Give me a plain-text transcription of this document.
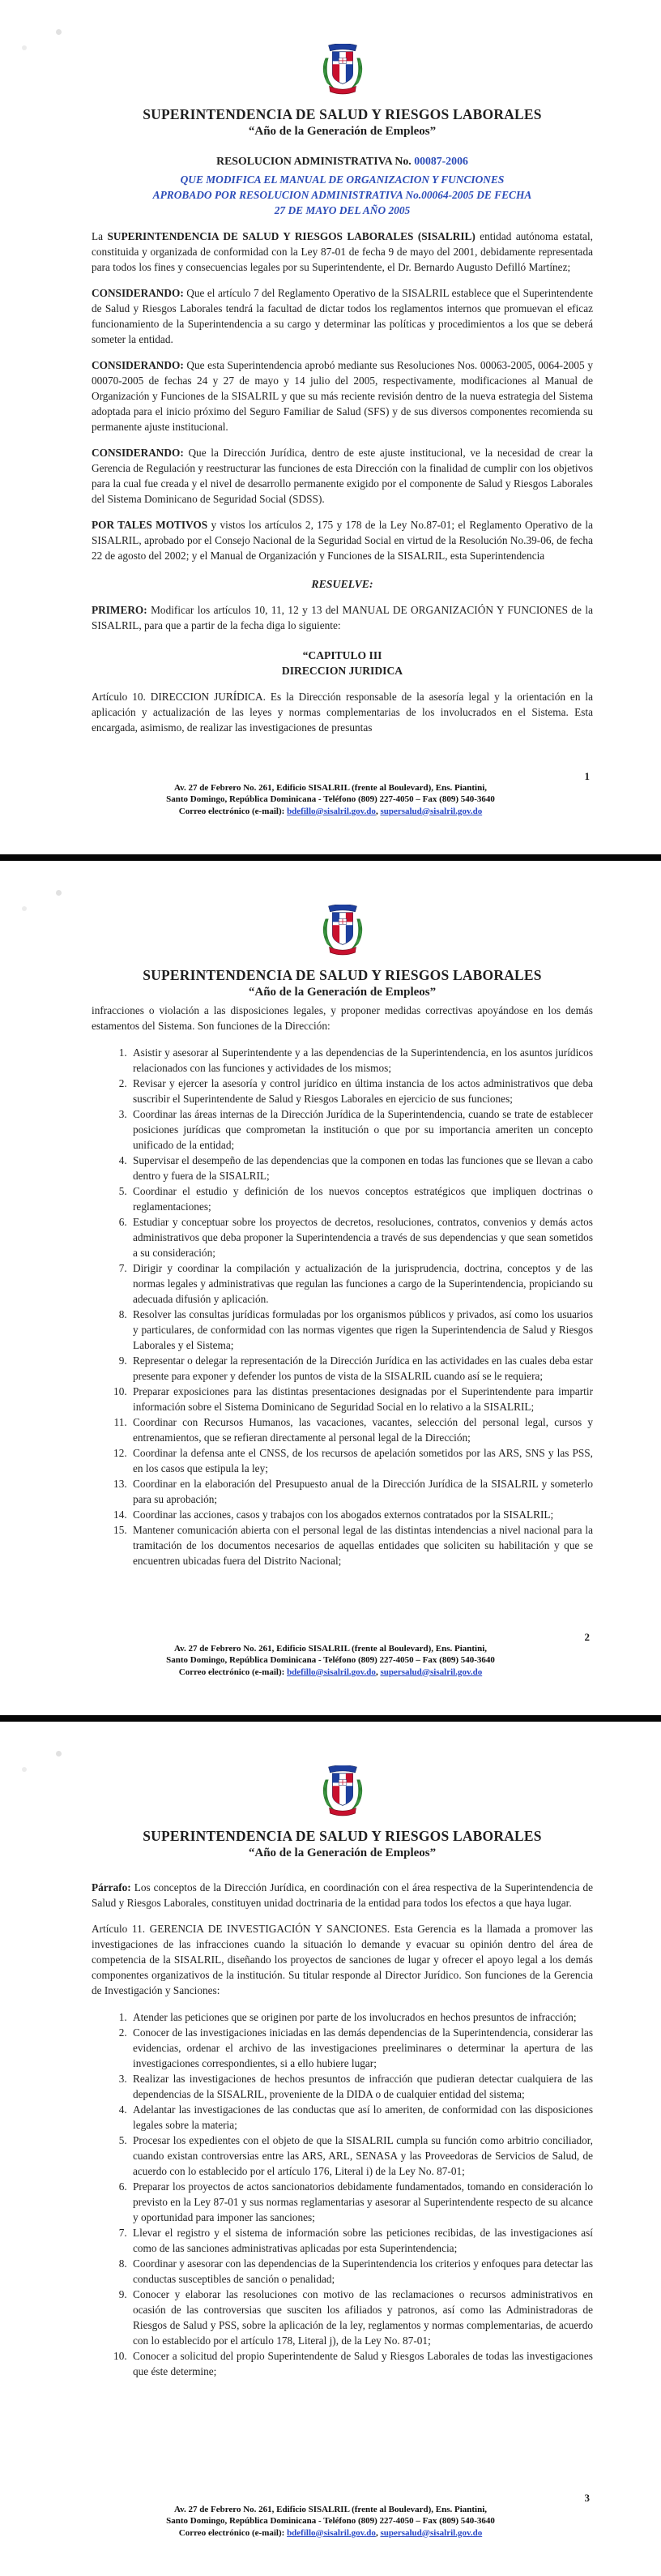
SUPERINTENDENCIA DE SALUD Y RIESGOS LABORALES
“Año de la Generación de Empleos”

RESOLUCION ADMINISTRATIVA No. 00087-2006

QUE MODIFICA EL MANUAL DE ORGANIZACION Y FUNCIONES
APROBADO POR RESOLUCION ADMINISTRATIVA No.00064-2005 DE FECHA
27 DE MAYO DEL AÑO 2005

La SUPERINTENDENCIA DE SALUD Y RIESGOS LABORALES (SISALRIL) entidad autónoma estatal, constituida y organizada de conformidad con la Ley 87-01 de fecha 9 de mayo del 2001, debidamente representada para todos los fines y consecuencias legales por su Superintendente, el Dr. Bernardo Augusto Defilló Martínez;

CONSIDERANDO: Que el artículo 7 del Reglamento Operativo de la SISALRIL establece que el Superintendente de Salud y Riesgos Laborales tendrá la facultad de dictar todos los reglamentos internos que promuevan el eficaz funcionamiento de la Superintendencia a su cargo y determinar las políticas y procedimientos a los que se deberá someter la entidad.

CONSIDERANDO: Que esta Superintendencia aprobó mediante sus Resoluciones Nos. 00063-2005, 0064-2005 y 00070-2005 de fechas 24 y 27 de mayo y 14 julio del 2005, respectivamente, modificaciones al Manual de Organización y Funciones de la SISALRIL y que su más reciente revisión dentro de la nueva estrategia del Sistema adoptada para el inicio próximo del Seguro Familiar de Salud (SFS) y de sus diversos componentes recomienda su permanente ajuste institucional.

CONSIDERANDO: Que la Dirección Jurídica, dentro de este ajuste institucional, ve la necesidad de crear la Gerencia de Regulación y reestructurar las funciones de esta Dirección con la finalidad de cumplir con los objetivos para la cual fue creada y el nivel de desarrollo permanente exigido por el componente de Salud y Riesgos Laborales del Sistema Dominicano de Seguridad Social (SDSS).

POR TALES MOTIVOS y vistos los artículos 2, 175 y 178 de la Ley No.87-01; el Reglamento Operativo de la SISALRIL, aprobado por el Consejo Nacional de la Seguridad Social en virtud de la Resolución No.39-06, de fecha 22 de agosto del 2002; y el Manual de Organización y Funciones de la SISALRIL, esta Superintendencia

RESUELVE:

PRIMERO: Modificar los artículos 10, 11, 12 y 13 del MANUAL DE ORGANIZACIÓN Y FUNCIONES de la SISALRIL, para que a partir de la fecha diga lo siguiente:

“CAPITULO III
DIRECCION JURIDICA

Artículo 10. DIRECCION JURÍDICA. Es la Dirección responsable de la asesoría legal y la orientación en la aplicación y actualización de las leyes y normas complementarias de los involucrados en el Sistema. Esta encargada, asimismo, de realizar las investigaciones de presuntas

Av. 27 de Febrero No. 261, Edificio SISALRIL (frente al Boulevard), Ens. Piantini,
Santo Domingo, República Dominicana - Teléfono (809) 227-4050 – Fax (809) 540-3640
Correo electrónico (e-mail): bdefillo@sisalril.gov.do, supersalud@sisalril.gov.do
1
SUPERINTENDENCIA DE SALUD Y RIESGOS LABORALES
“Año de la Generación de Empleos”

infracciones o violación a las disposiciones legales, y proponer medidas correctivas apoyándose en los demás estamentos del Sistema. Son funciones de la Dirección:

1. Asistir y asesorar al Superintendente y a las dependencias de la Superintendencia, en los asuntos jurídicos relacionados con las funciones y actividades de los mismos;
2. Revisar y ejercer la asesoría y control jurídico en última instancia de los actos administrativos que deba suscribir el Superintendente de Salud y Riesgos Laborales en ejercicio de sus funciones;
3. Coordinar las áreas internas de la Dirección Jurídica de la Superintendencia, cuando se trate de establecer posiciones jurídicas que comprometan la institución o que por su importancia ameriten un concepto unificado de la entidad;
4. Supervisar el desempeño de las dependencias que la componen en todas las funciones que se llevan a cabo dentro y fuera de la SISALRIL;
5. Coordinar el estudio y definición de los nuevos conceptos estratégicos que impliquen doctrinas o reglamentaciones;
6. Estudiar y conceptuar sobre los proyectos de decretos, resoluciones, contratos, convenios y demás actos administrativos que deba proponer la Superintendencia a través de sus dependencias y que sean sometidos a su consideración;
7. Dirigir y coordinar la compilación y actualización de la jurisprudencia, doctrina, conceptos y de las normas legales y administrativas que regulan las funciones a cargo de la Superintendencia, propiciando su adecuada difusión y aplicación.
8. Resolver las consultas jurídicas formuladas por los organismos públicos y privados, así como los usuarios y particulares, de conformidad con las normas vigentes que rigen la Superintendencia de Salud y Riesgos Laborales y el Sistema;
9. Representar o delegar la representación de la Dirección Jurídica en las actividades en las cuales deba estar presente para exponer y defender los puntos de vista de la SISALRIL cuando así se le requiera;
10. Preparar exposiciones para las distintas presentaciones designadas por el Superintendente para impartir información sobre el Sistema Dominicano de Seguridad Social en lo relativo a la SISALRIL;
11. Coordinar con Recursos Humanos, las vacaciones, vacantes, selección del personal legal, cursos y entrenamientos, que se refieran directamente al personal legal de la Dirección;
12. Coordinar la defensa ante el CNSS, de los recursos de apelación sometidos por las ARS, SNS y las PSS, en los casos que estipula la ley;
13. Coordinar en la elaboración del Presupuesto anual de la Dirección Jurídica de la SISALRIL y someterlo para su aprobación;
14. Coordinar las acciones, casos y trabajos con los abogados externos contratados por la SISALRIL;
15. Mantener comunicación abierta con el personal legal de las distintas intendencias a nivel nacional para la tramitación de los documentos necesarios de aquellas entidades que soliciten su habilitación y que se encuentren ubicadas fuera del Distrito Nacional;
Av. 27 de Febrero No. 261, Edificio SISALRIL (frente al Boulevard), Ens. Piantini,
Santo Domingo, República Dominicana - Teléfono (809) 227-4050 – Fax (809) 540-3640
Correo electrónico (e-mail): bdefillo@sisalril.gov.do, supersalud@sisalril.gov.do
2
SUPERINTENDENCIA DE SALUD Y RIESGOS LABORALES
“Año de la Generación de Empleos”

Párrafo: Los conceptos de la Dirección Jurídica, en coordinación con el área respectiva de la Superintendencia de Salud y Riesgos Laborales, constituyen unidad doctrinaria de la entidad para todos los efectos a que haya lugar.

Artículo 11. GERENCIA DE INVESTIGACIÓN Y SANCIONES. Esta Gerencia es la llamada a promover las investigaciones de las infracciones cuando la situación lo demande y evacuar su opinión dentro del área de competencia de la SISALRIL, diseñando los proyectos de sanciones de lugar y ofrecer el apoyo legal a los demás componentes organizativos de la institución. Su titular responde al Director Jurídico. Son funciones de la Gerencia de Investigación y Sanciones:

1. Atender las peticiones que se originen por parte de los involucrados en hechos presuntos de infracción;
2. Conocer de las investigaciones iniciadas en las demás dependencias de la Superintendencia, considerar las evidencias, ordenar el archivo de las investigaciones preeliminares o determinar la apertura de las investigaciones correspondientes, si a ello hubiere lugar;
3. Realizar las investigaciones de hechos presuntos de infracción que pudieran detectar cualquiera de las dependencias de la SISALRIL, proveniente de la DIDA o de cualquier entidad del sistema;
4. Adelantar las investigaciones de las conductas que así lo ameriten, de conformidad con las disposiciones legales sobre la materia;
5. Procesar los expedientes con el objeto de que la SISALRIL cumpla su función como arbitrio conciliador, cuando existan controversias entre las ARS, ARL, SENASA y las Proveedoras de Servicios de Salud, de acuerdo con lo establecido por el artículo 176, Literal i) de la Ley No. 87-01;
6. Preparar los proyectos de actos sancionatorios debidamente fundamentados, tomando en consideración lo previsto en la Ley 87-01 y sus normas reglamentarias y asesorar al Superintendente respecto de su alcance y oportunidad para imponer las sanciones;
7. Llevar el registro y el sistema de información sobre las peticiones recibidas, de las investigaciones así como de las sanciones administrativas aplicadas por esta Superintendencia;
8. Coordinar y asesorar con las dependencias de la Superintendencia los criterios y enfoques para detectar las conductas susceptibles de sanción o penalidad;
9. Conocer y elaborar las resoluciones con motivo de las reclamaciones o recursos administrativos en ocasión de las controversias que susciten los afiliados y patronos, así como las Administradoras de Riesgos de Salud y PSS, sobre la aplicación de la ley, reglamentos y normas complementarias, de acuerdo con lo establecido por el artículo 178, Literal j), de la Ley No. 87-01;
10. Conocer a solicitud del propio Superintendente de Salud y Riesgos Laborales de todas las investigaciones que éste determine;
Av. 27 de Febrero No. 261, Edificio SISALRIL (frente al Boulevard), Ens. Piantini,
Santo Domingo, República Dominicana - Teléfono (809) 227-4050 – Fax (809) 540-3640
Correo electrónico (e-mail): bdefillo@sisalril.gov.do, supersalud@sisalril.gov.do
3
